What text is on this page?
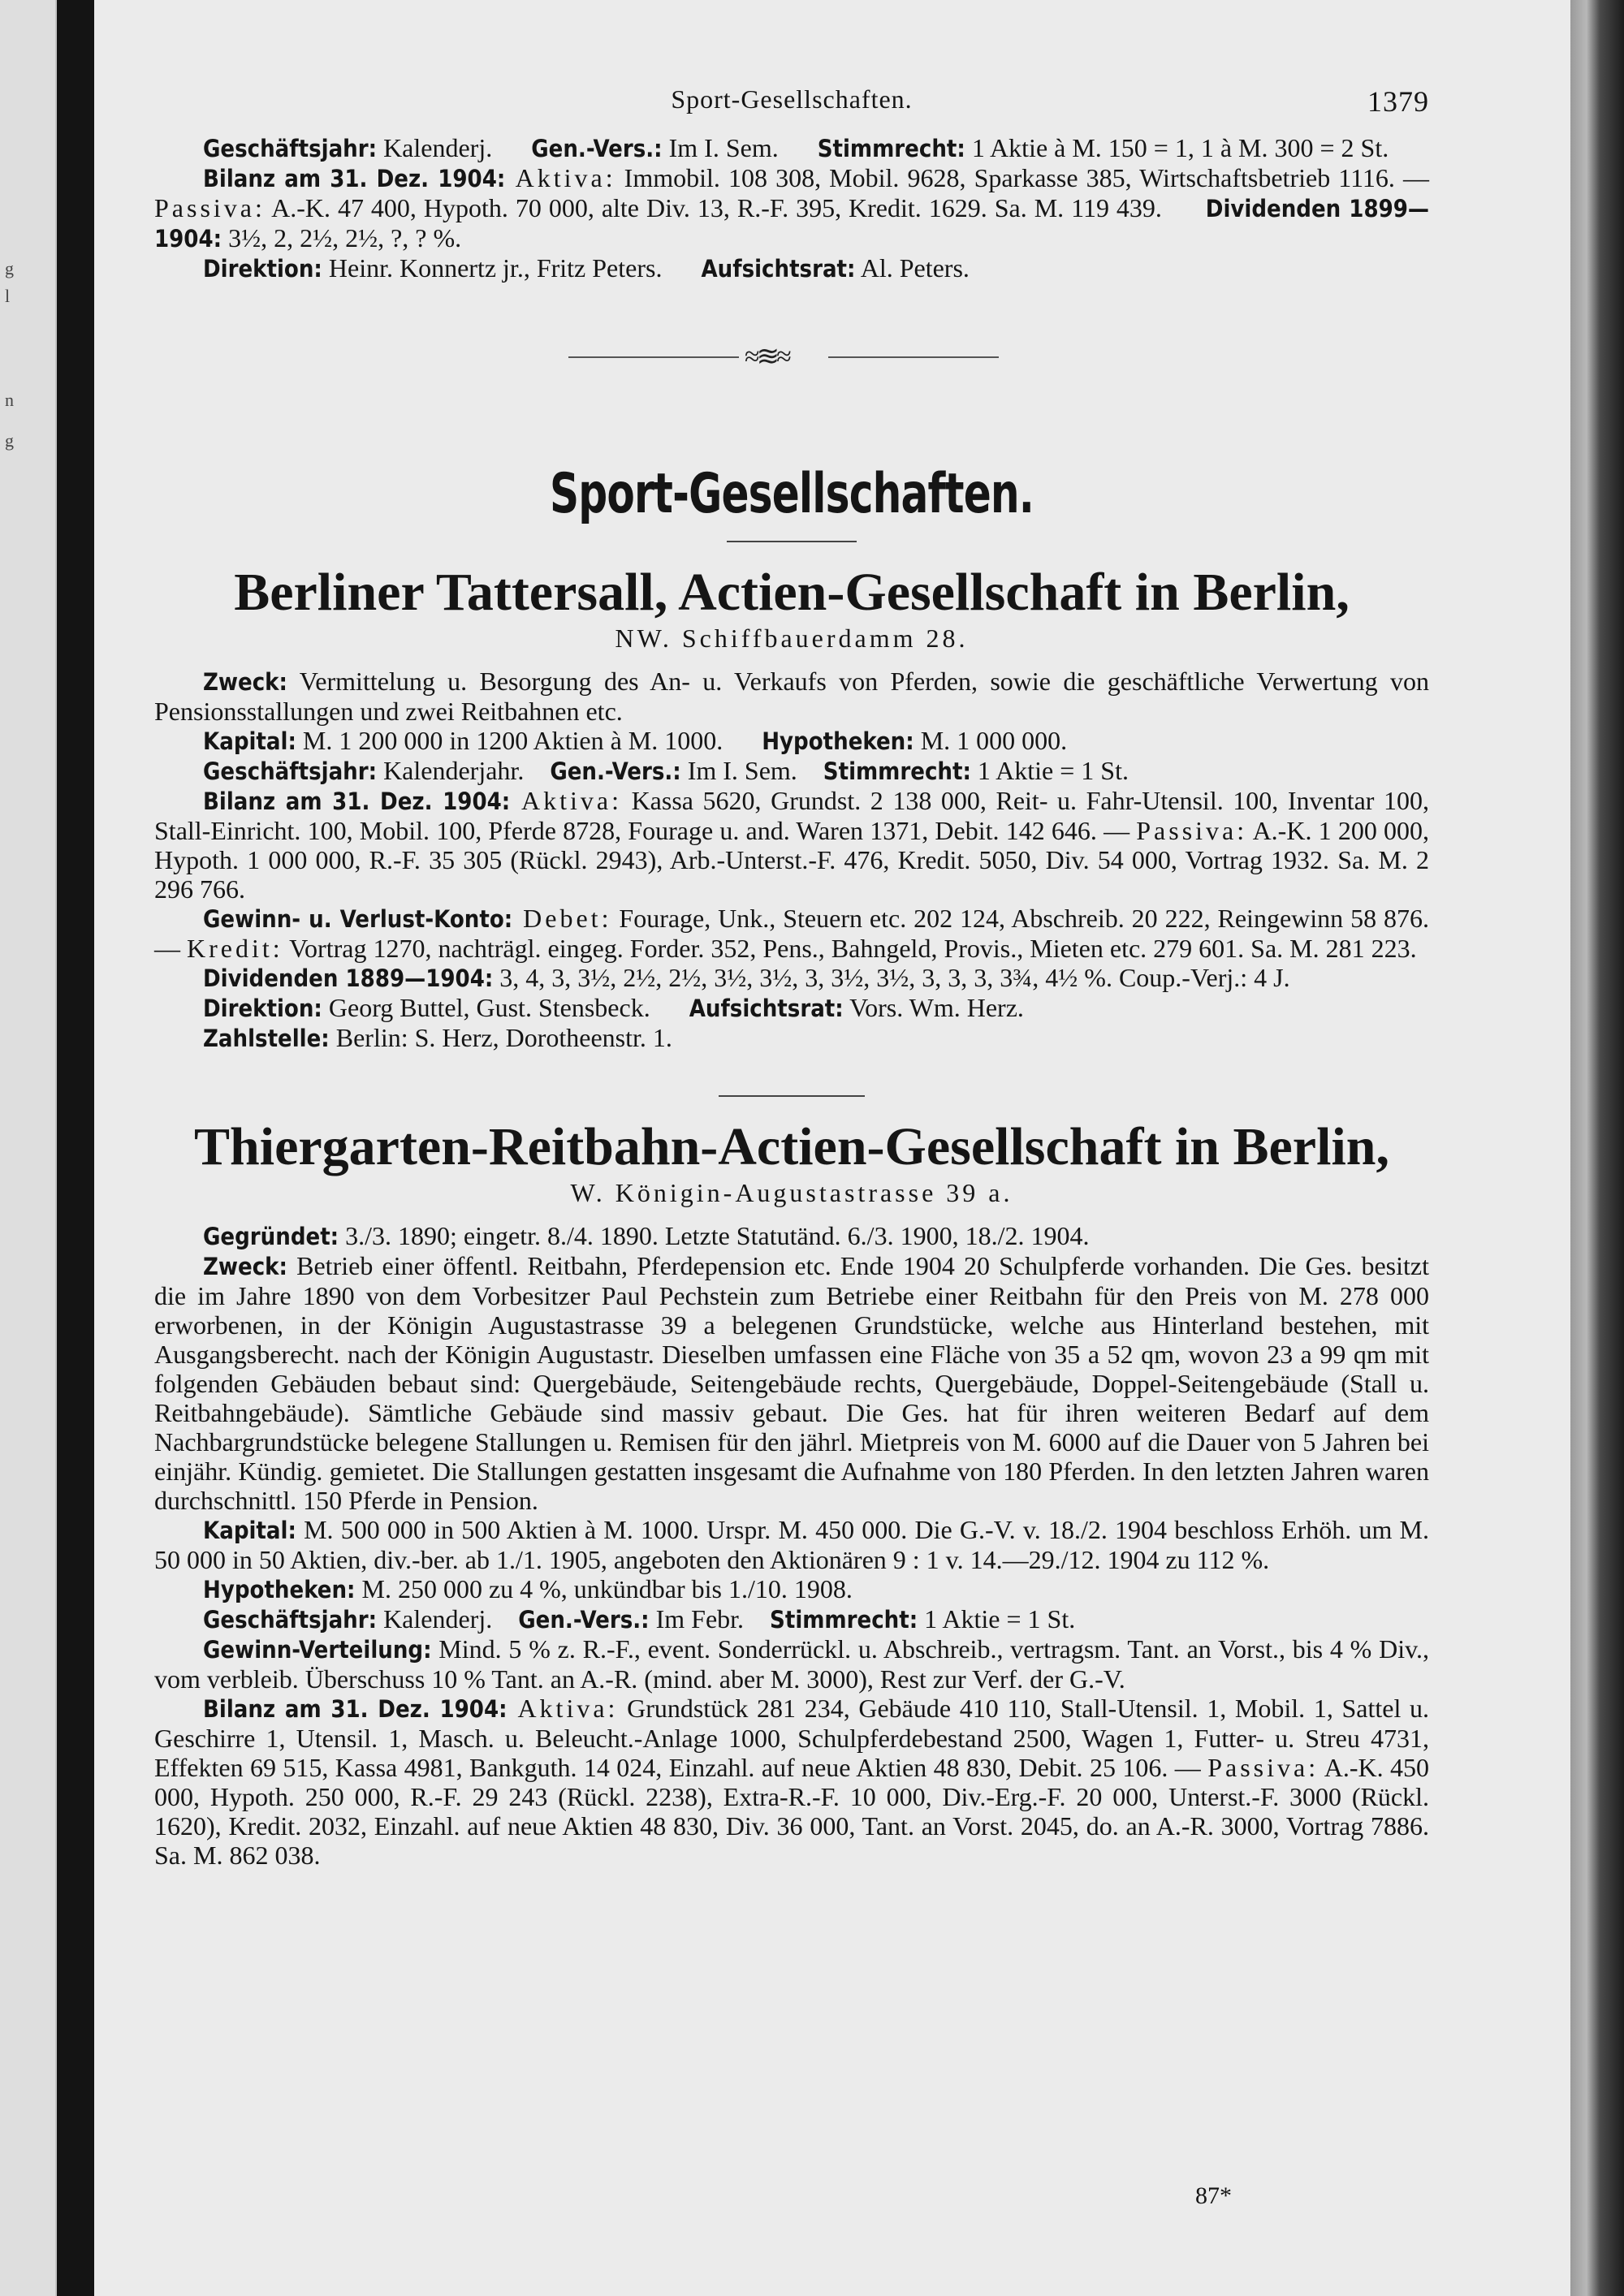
g
l
n
g
Sport-Gesellschaften.	1379

Geschäftsjahr: Kalenderj.      Gen.-Vers.: Im I. Sem.      Stimmrecht: 1 Aktie à M. 150 = 1, 1 à M. 300 = 2 St.

Bilanz am 31. Dez. 1904: Aktiva: Immobil. 108 308, Mobil. 9628, Sparkasse 385, Wirtschaftsbetrieb 1116. — Passiva: A.-K. 47 400, Hypoth. 70 000, alte Div. 13, R.-F. 395, Kredit. 1629. Sa. M. 119 439.      Dividenden 1899—1904: 3½, 2, 2½, 2½, ?, ? %.

Direktion: Heinr. Konnertz jr., Fritz Peters.      Aufsichtsrat: Al. Peters.

≈≋≈
Sport-Gesellschaften.
Berliner Tattersall, Actien-Gesellschaft in Berlin,
NW. Schiffbauerdamm 28.

Zweck: Vermittelung u. Besorgung des An- u. Verkaufs von Pferden, sowie die geschäftliche Verwertung von Pensionsstallungen und zwei Reitbahnen etc.

Kapital: M. 1 200 000 in 1200 Aktien à M. 1000.      Hypotheken: M. 1 000 000.

Geschäftsjahr: Kalenderjahr.    Gen.-Vers.: Im I. Sem.    Stimmrecht: 1 Aktie = 1 St.

Bilanz am 31. Dez. 1904: Aktiva: Kassa 5620, Grundst. 2 138 000, Reit- u. Fahr-Utensil. 100, Inventar 100, Stall-Einricht. 100, Mobil. 100, Pferde 8728, Fourage u. and. Waren 1371, Debit. 142 646. — Passiva: A.-K. 1 200 000, Hypoth. 1 000 000, R.-F. 35 305 (Rückl. 2943), Arb.-Unterst.-F. 476, Kredit. 5050, Div. 54 000, Vortrag 1932. Sa. M. 2 296 766.

Gewinn- u. Verlust-Konto: Debet: Fourage, Unk., Steuern etc. 202 124, Abschreib. 20 222, Reingewinn 58 876. — Kredit: Vortrag 1270, nachträgl. eingeg. Forder. 352, Pens., Bahngeld, Provis., Mieten etc. 279 601. Sa. M. 281 223.

Dividenden 1889—1904: 3, 4, 3, 3½, 2½, 2½, 3½, 3½, 3, 3½, 3½, 3, 3, 3, 3¾, 4½ %. Coup.-Verj.: 4 J.

Direktion: Georg Buttel, Gust. Stensbeck.      Aufsichtsrat: Vors. Wm. Herz.

Zahlstelle: Berlin: S. Herz, Dorotheenstr. 1.

Thiergarten-Reitbahn-Actien-Gesellschaft in Berlin,
W. Königin-Augustastrasse 39 a.

Gegründet: 3./3. 1890; eingetr. 8./4. 1890. Letzte Statutänd. 6./3. 1900, 18./2. 1904.

Zweck: Betrieb einer öffentl. Reitbahn, Pferdepension etc. Ende 1904 20 Schulpferde vorhanden. Die Ges. besitzt die im Jahre 1890 von dem Vorbesitzer Paul Pechstein zum Betriebe einer Reitbahn für den Preis von M. 278 000 erworbenen, in der Königin Augustastrasse 39 a belegenen Grundstücke, welche aus Hinterland bestehen, mit Ausgangsberecht. nach der Königin Augustastr. Dieselben umfassen eine Fläche von 35 a 52 qm, wovon 23 a 99 qm mit folgenden Gebäuden bebaut sind: Quergebäude, Seitengebäude rechts, Quergebäude, Doppel-Seitengebäude (Stall u. Reitbahngebäude). Sämtliche Gebäude sind massiv gebaut. Die Ges. hat für ihren weiteren Bedarf auf dem Nachbargrundstücke belegene Stallungen u. Remisen für den jährl. Mietpreis von M. 6000 auf die Dauer von 5 Jahren bei einjähr. Kündig. gemietet. Die Stallungen gestatten insgesamt die Aufnahme von 180 Pferden. In den letzten Jahren waren durchschnittl. 150 Pferde in Pension.

Kapital: M. 500 000 in 500 Aktien à M. 1000. Urspr. M. 450 000. Die G.-V. v. 18./2. 1904 beschloss Erhöh. um M. 50 000 in 50 Aktien, div.-ber. ab 1./1. 1905, angeboten den Aktionären 9 : 1 v. 14.—29./12. 1904 zu 112 %.

Hypotheken: M. 250 000 zu 4 %, unkündbar bis 1./10. 1908.

Geschäftsjahr: Kalenderj.    Gen.-Vers.: Im Febr.    Stimmrecht: 1 Aktie = 1 St.

Gewinn-Verteilung: Mind. 5 % z. R.-F., event. Sonderrückl. u. Abschreib., vertragsm. Tant. an Vorst., bis 4 % Div., vom verbleib. Überschuss 10 % Tant. an A.-R. (mind. aber M. 3000), Rest zur Verf. der G.-V.

Bilanz am 31. Dez. 1904: Aktiva: Grundstück 281 234, Gebäude 410 110, Stall-Utensil. 1, Mobil. 1, Sattel u. Geschirre 1, Utensil. 1, Masch. u. Beleucht.-Anlage 1000, Schulpferdebestand 2500, Wagen 1, Futter- u. Streu 4731, Effekten 69 515, Kassa 4981, Bankguth. 14 024, Einzahl. auf neue Aktien 48 830, Debit. 25 106. — Passiva: A.-K. 450 000, Hypoth. 250 000, R.-F. 29 243 (Rückl. 2238), Extra-R.-F. 10 000, Div.-Erg.-F. 20 000, Unterst.-F. 3000 (Rückl. 1620), Kredit. 2032, Einzahl. auf neue Aktien 48 830, Div. 36 000, Tant. an Vorst. 2045, do. an A.-R. 3000, Vortrag 7886. Sa. M. 862 038.

87*
